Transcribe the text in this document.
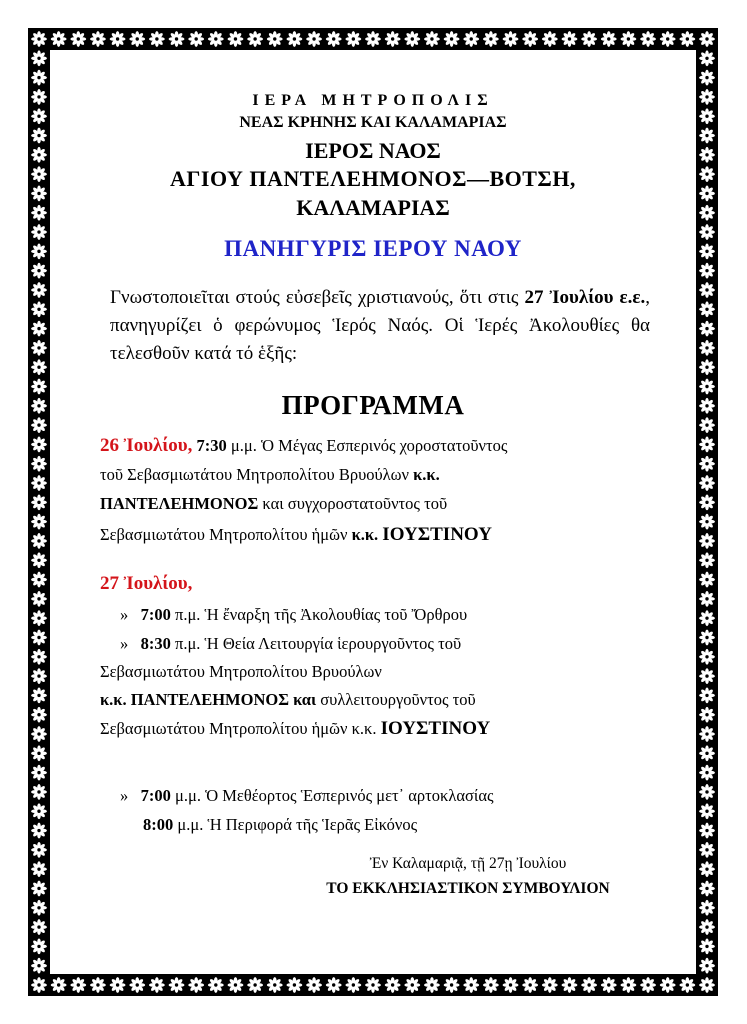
ΙΕΡΑ ΜΗΤΡΟΠΟΛΙΣ
ΝΕΑΣ ΚΡΗΝΗΣ ΚΑΙ ΚΑΛΑΜΑΡΙΑΣ
ΙΕΡΟΣ ΝΑΟΣ
ΑΓΙΟΥ ΠΑΝΤΕΛΕΗΜΟΝΟΣ—ΒΟΤΣΗ,
ΚΑΛΑΜΑΡΙΑΣ
ΠΑΝΗΓΥΡΙΣ ΙΕΡΟΥ ΝΑΟΥ
Γνωστοποιεῖται στούς εὐσεβεῖς χριστιανούς, ὅτι στις 27 Ἰουλίου ε.ε., πανηγυρίζει ὁ φερώνυμος Ἱερός Ναός. Οἱ Ἱερές Ἀκολουθίες θα τελεσθοῦν κατά τό ἑξῆς:
ΠΡΟΓΡΑΜΜΑ
26 Ἰουλίου, 7:30 μ.μ. Ὁ Μέγας Εσπερινός χοροστατοῦντος
τοῦ Σεβασμιωτάτου Μητροπολίτου Βρυούλων κ.κ.
ΠΑΝΤΕΛΕΗΜΟΝΟΣ και συγχοροστατοῦντος τοῦ
Σεβασμιωτάτου Μητροπολίτου ἡμῶν κ.κ. ΙΟΥΣΤΙΝΟΥ
27 Ἰουλίου,
» 7:00 π.μ. Ἡ ἔναρξη τῆς Ἀκολουθίας τοῦ Ὄρθρου
» 8:30 π.μ. Ἡ Θεία Λειτουργία ἱερουργοῦντος τοῦ
Σεβασμιωτάτου Μητροπολίτου Βρυούλων
κ.κ. ΠΑΝΤΕΛΕΗΜΟΝΟΣ και συλλειτουργοῦντος τοῦ
Σεβασμιωτάτου Μητροπολίτου ἡμῶν κ.κ. ΙΟΥΣΤΙΝΟΥ
» 7:00 μ.μ. Ὁ Μεθέορτος Ἑσπερινός μετ᾽ αρτοκλασίας
8:00 μ.μ. Ἡ Περιφορά τῆς Ἱερᾶς Εἰκόνος
Ἐν Καλαμαριᾷ, τῇ 27ῃ Ἰουλίου
ΤΟ ΕΚΚΛΗΣΙΑΣΤΙΚΟΝ ΣΥΜΒΟΥΛΙΟΝ
